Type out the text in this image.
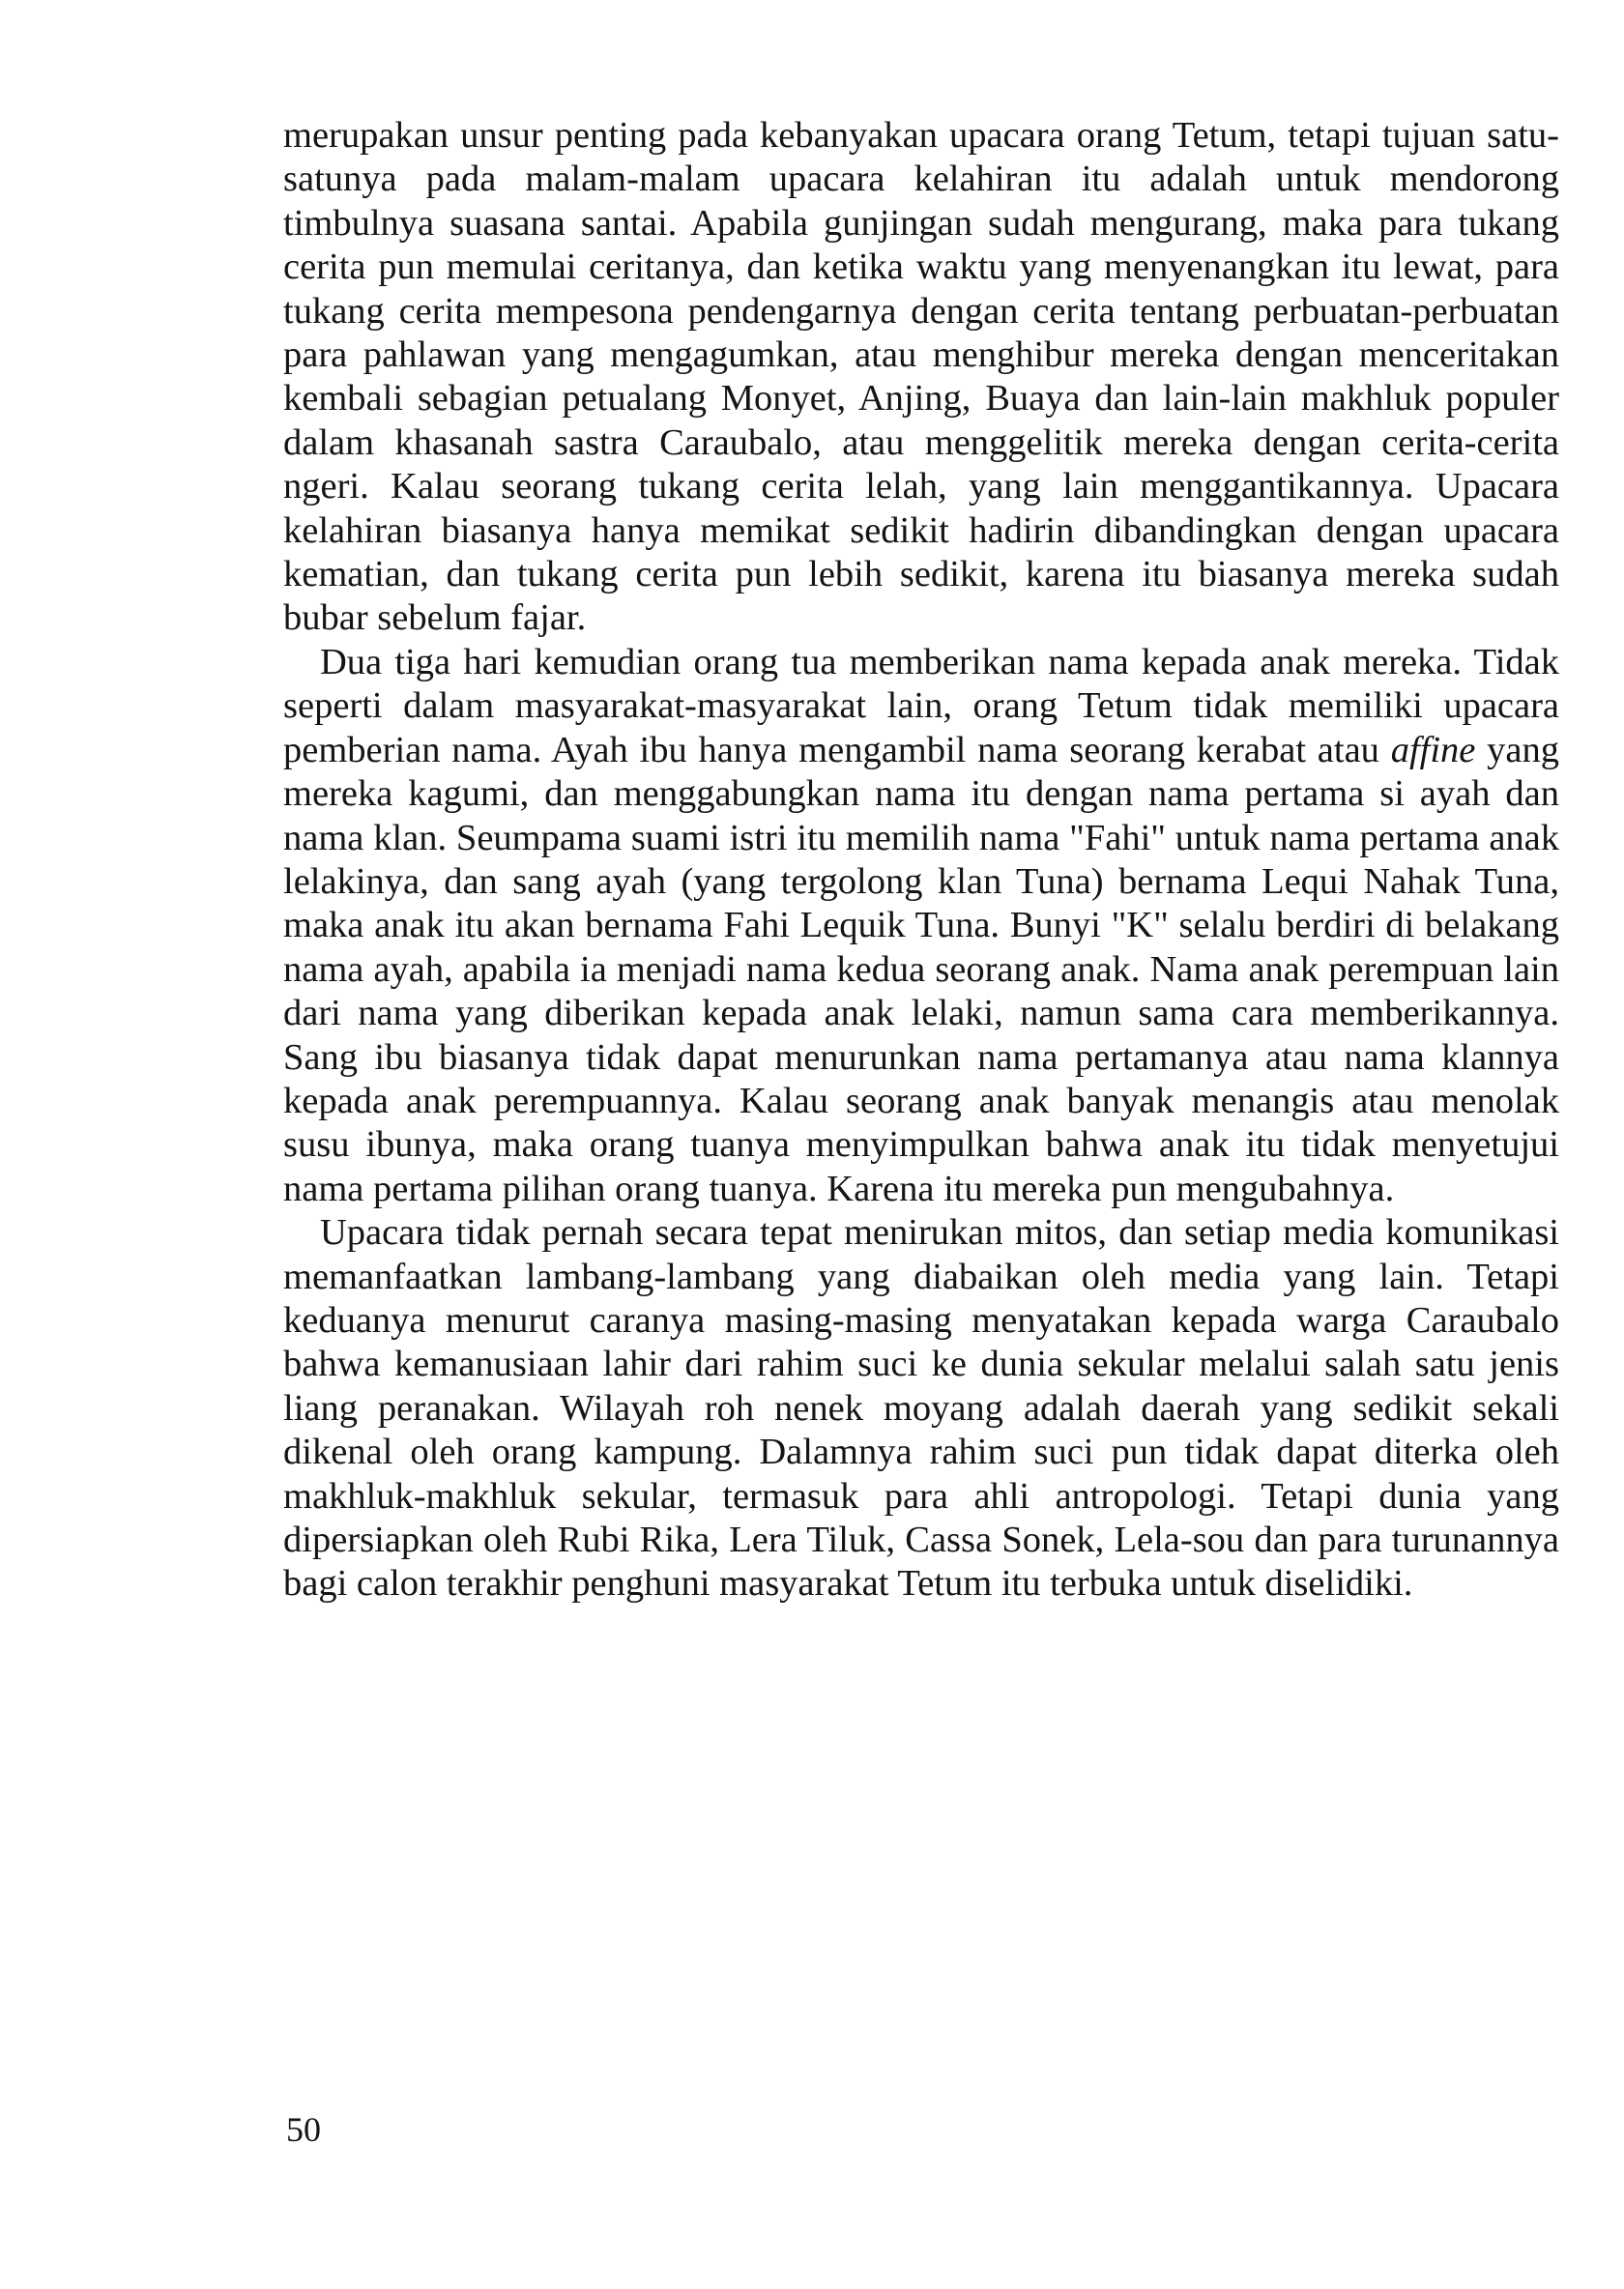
merupakan unsur penting pada kebanyakan upacara orang Tetum, tetapi tujuan satu-satunya pada malam-malam upacara kelahiran itu adalah untuk mendorong timbulnya suasana santai. Apabila gunjingan sudah mengurang, maka para tukang cerita pun memulai ceritanya, dan ketika waktu yang menyenangkan itu lewat, para tukang cerita mempesona pendengarnya dengan cerita tentang perbuatan-perbuatan para pahlawan yang mengagumkan, atau menghibur mereka dengan menceritakan kembali sebagian petualang Monyet, Anjing, Buaya dan lain-lain makhluk populer dalam khasanah sastra Caraubalo, atau menggelitik mereka dengan cerita-cerita ngeri. Kalau seorang tukang cerita lelah, yang lain menggantikannya. Upacara kelahiran biasanya hanya memikat sedikit hadirin dibandingkan dengan upacara kematian, dan tukang cerita pun lebih sedikit, karena itu biasanya mereka sudah bubar sebelum fajar.

Dua tiga hari kemudian orang tua memberikan nama kepada anak mereka. Tidak seperti dalam masyarakat-masyarakat lain, orang Tetum tidak memiliki upacara pemberian nama. Ayah ibu hanya mengambil nama seorang kerabat atau affine yang mereka kagumi, dan menggabungkan nama itu dengan nama pertama si ayah dan nama klan. Seumpama suami istri itu memilih nama "Fahi" untuk nama pertama anak lelakinya, dan sang ayah (yang tergolong klan Tuna) bernama Lequi Nahak Tuna, maka anak itu akan bernama Fahi Lequik Tuna. Bunyi "K" selalu berdiri di belakang nama ayah, apabila ia menjadi nama kedua seorang anak. Nama anak perempuan lain dari nama yang diberikan kepada anak lelaki, namun sama cara memberikannya. Sang ibu biasanya tidak dapat menurunkan nama pertamanya atau nama klannya kepada anak perempuannya. Kalau seorang anak banyak menangis atau menolak susu ibunya, maka orang tuanya menyimpulkan bahwa anak itu tidak menyetujui nama pertama pilihan orang tuanya. Karena itu mereka pun mengubahnya.

Upacara tidak pernah secara tepat menirukan mitos, dan setiap media komunikasi memanfaatkan lambang-lambang yang diabaikan oleh media yang lain. Tetapi keduanya menurut caranya masing-masing menyatakan kepada warga Caraubalo bahwa kemanusiaan lahir dari rahim suci ke dunia sekular melalui salah satu jenis liang peranakan. Wilayah roh nenek moyang adalah daerah yang sedikit sekali dikenal oleh orang kampung. Dalamnya rahim suci pun tidak dapat diterka oleh makhluk-makhluk sekular, termasuk para ahli antropologi. Tetapi dunia yang dipersiapkan oleh Rubi Rika, Lera Tiluk, Cassa Sonek, Lela-sou dan para turunannya bagi calon terakhir penghuni masyarakat Tetum itu terbuka untuk diselidiki.

50
